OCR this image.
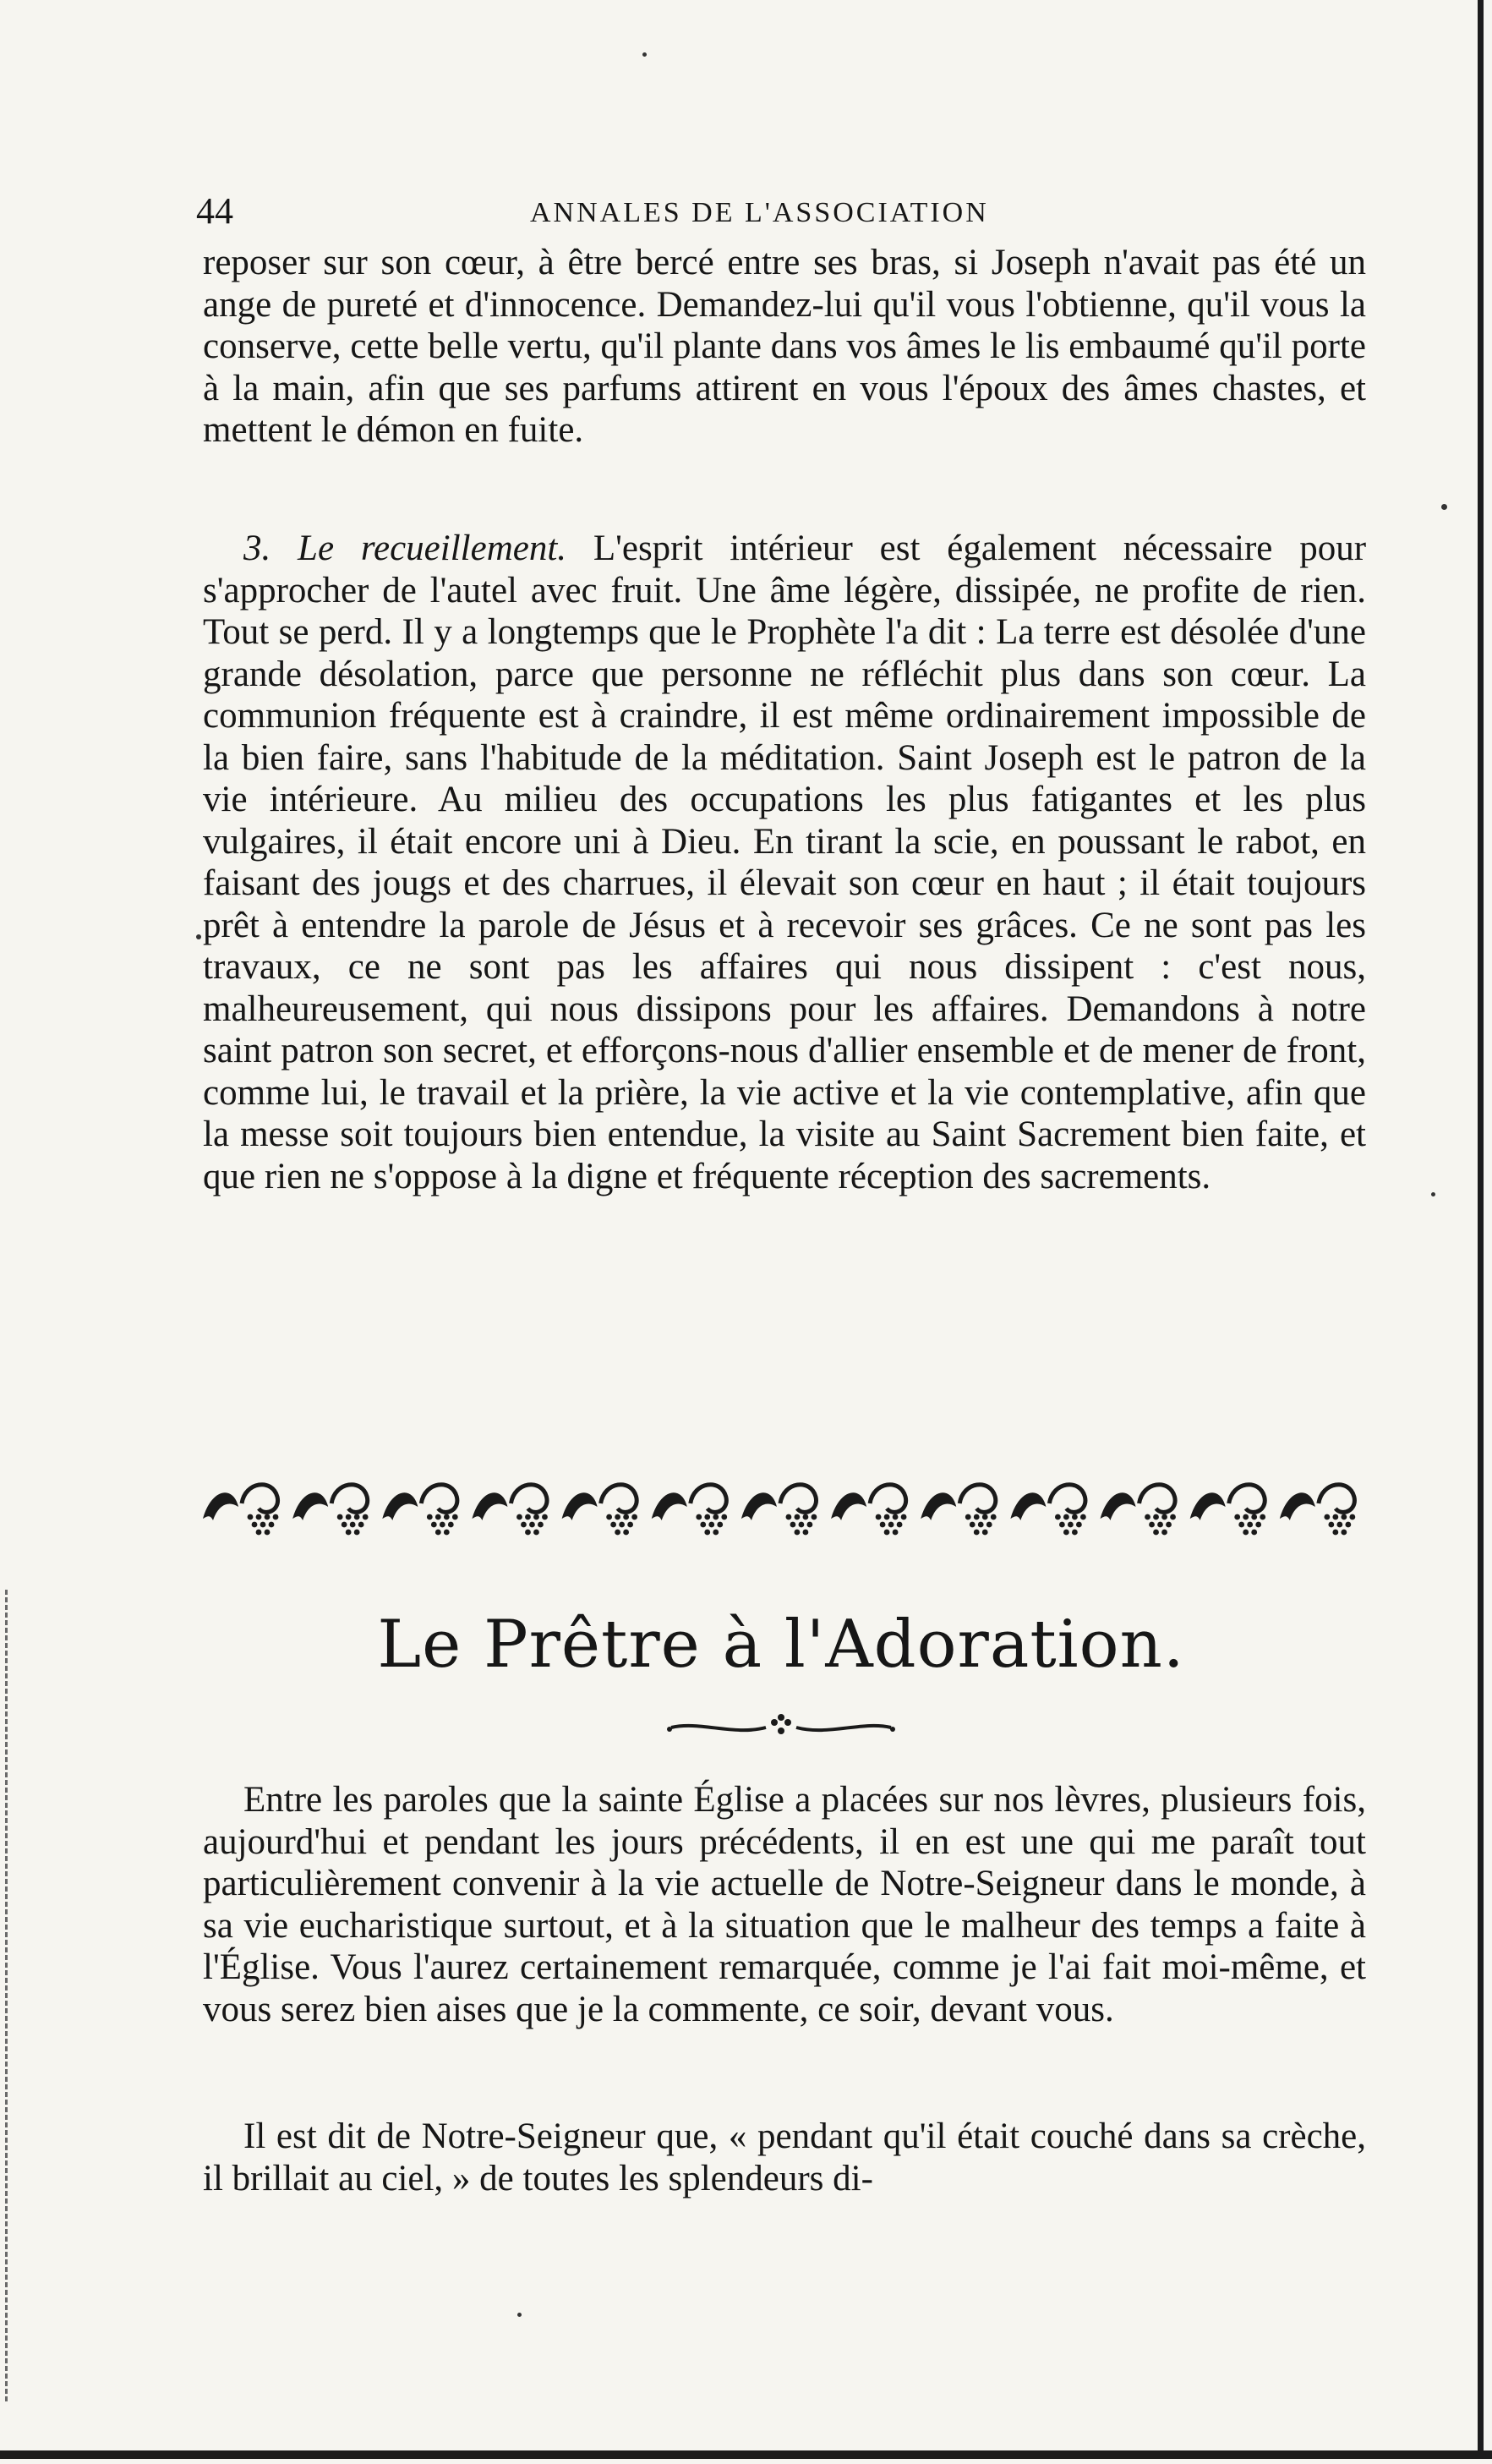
44	ANNALES DE L'ASSOCIATION

reposer sur son cœur, à être bercé entre ses bras, si Joseph n'avait pas été un ange de pureté et d'innocence. Demandez-lui qu'il vous l'obtienne, qu'il vous la conserve, cette belle vertu, qu'il plante dans vos âmes le lis embaumé qu'il porte à la main, afin que ses parfums attirent en vous l'époux des âmes chastes, et mettent le démon en fuite.

3. Le recueillement. L'esprit intérieur est également nécessaire pour s'approcher de l'autel avec fruit. Une âme légère, dissipée, ne profite de rien. Tout se perd. Il y a longtemps que le Prophète l'a dit : La terre est désolée d'une grande désolation, parce que personne ne réfléchit plus dans son cœur. La communion fréquente est à craindre, il est même ordinairement impossible de la bien faire, sans l'habitude de la méditation. Saint Joseph est le patron de la vie intérieure. Au milieu des occupations les plus fatigantes et les plus vulgaires, il était encore uni à Dieu. En tirant la scie, en poussant le rabot, en faisant des jougs et des charrues, il élevait son cœur en haut ; il était toujours prêt à entendre la parole de Jésus et à recevoir ses grâces. Ce ne sont pas les travaux, ce ne sont pas les affaires qui nous dissipent : c'est nous, malheureusement, qui nous dissipons pour les affaires. Demandons à notre saint patron son secret, et efforçons-nous d'allier ensemble et de mener de front, comme lui, le travail et la prière, la vie active et la vie contemplative, afin que la messe soit toujours bien entendue, la visite au Saint Sacrement bien faite, et que rien ne s'oppose à la digne et fréquente réception des sacrements.

Le Prêtre à l'Adoration.

Entre les paroles que la sainte Église a placées sur nos lèvres, plusieurs fois, aujourd'hui et pendant les jours précédents, il en est une qui me paraît tout particulièrement convenir à la vie actuelle de Notre-Seigneur dans le monde, à sa vie eucharistique surtout, et à la situation que le malheur des temps a faite à l'Église. Vous l'aurez certainement remarquée, comme je l'ai fait moi-même, et vous serez bien aises que je la commente, ce soir, devant vous.

Il est dit de Notre-Seigneur que, « pendant qu'il était couché dans sa crèche, il brillait au ciel, » de toutes les splendeurs di-
